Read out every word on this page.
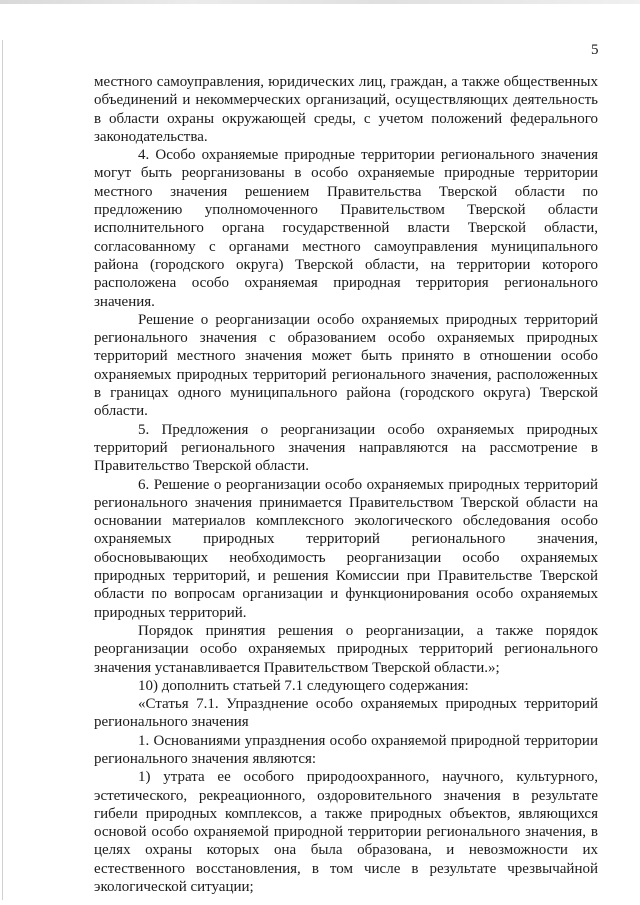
5

местного самоуправления, юридических лиц, граждан, а также общественных объединений и некоммерческих организаций, осуществляющих деятельность в области охраны окружающей среды, с учетом положений федерального законодательства.

4. Особо охраняемые природные территории регионального значения могут быть реорганизованы в особо охраняемые природные территории местного значения решением Правительства Тверской области по предложению уполномоченного Правительством Тверской области исполнительного органа государственной власти Тверской области, согласованному с органами местного самоуправления муниципального района (городского округа) Тверской области, на территории которого расположена особо охраняемая природная территория регионального значения.

Решение о реорганизации особо охраняемых природных территорий регионального значения с образованием особо охраняемых природных территорий местного значения может быть принято в отношении особо охраняемых природных территорий регионального значения, расположенных в границах одного муниципального района (городского округа) Тверской области.

5. Предложения о реорганизации особо охраняемых природных территорий регионального значения направляются на рассмотрение в Правительство Тверской области.

6. Решение о реорганизации особо охраняемых природных территорий регионального значения принимается Правительством Тверской области на основании материалов комплексного экологического обследования особо охраняемых природных территорий регионального значения, обосновывающих необходимость реорганизации особо охраняемых природных территорий, и решения Комиссии при Правительстве Тверской области по вопросам организации и функционирования особо охраняемых природных территорий.

Порядок принятия решения о реорганизации, а также порядок реорганизации особо охраняемых природных территорий регионального значения устанавливается Правительством Тверской области.»;

10) дополнить статьей 7.1 следующего содержания:

«Статья 7.1. Упразднение особо охраняемых природных территорий регионального значения

1. Основаниями упразднения особо охраняемой природной территории регионального значения являются:

1) утрата ее особого природоохранного, научного, культурного, эстетического, рекреационного, оздоровительного значения в результате гибели природных комплексов, а также природных объектов, являющихся основой особо охраняемой природной территории регионального значения, в целях охраны которых она была образована, и невозможности их естественного восстановления, в том числе в результате чрезвычайной экологической ситуации;
